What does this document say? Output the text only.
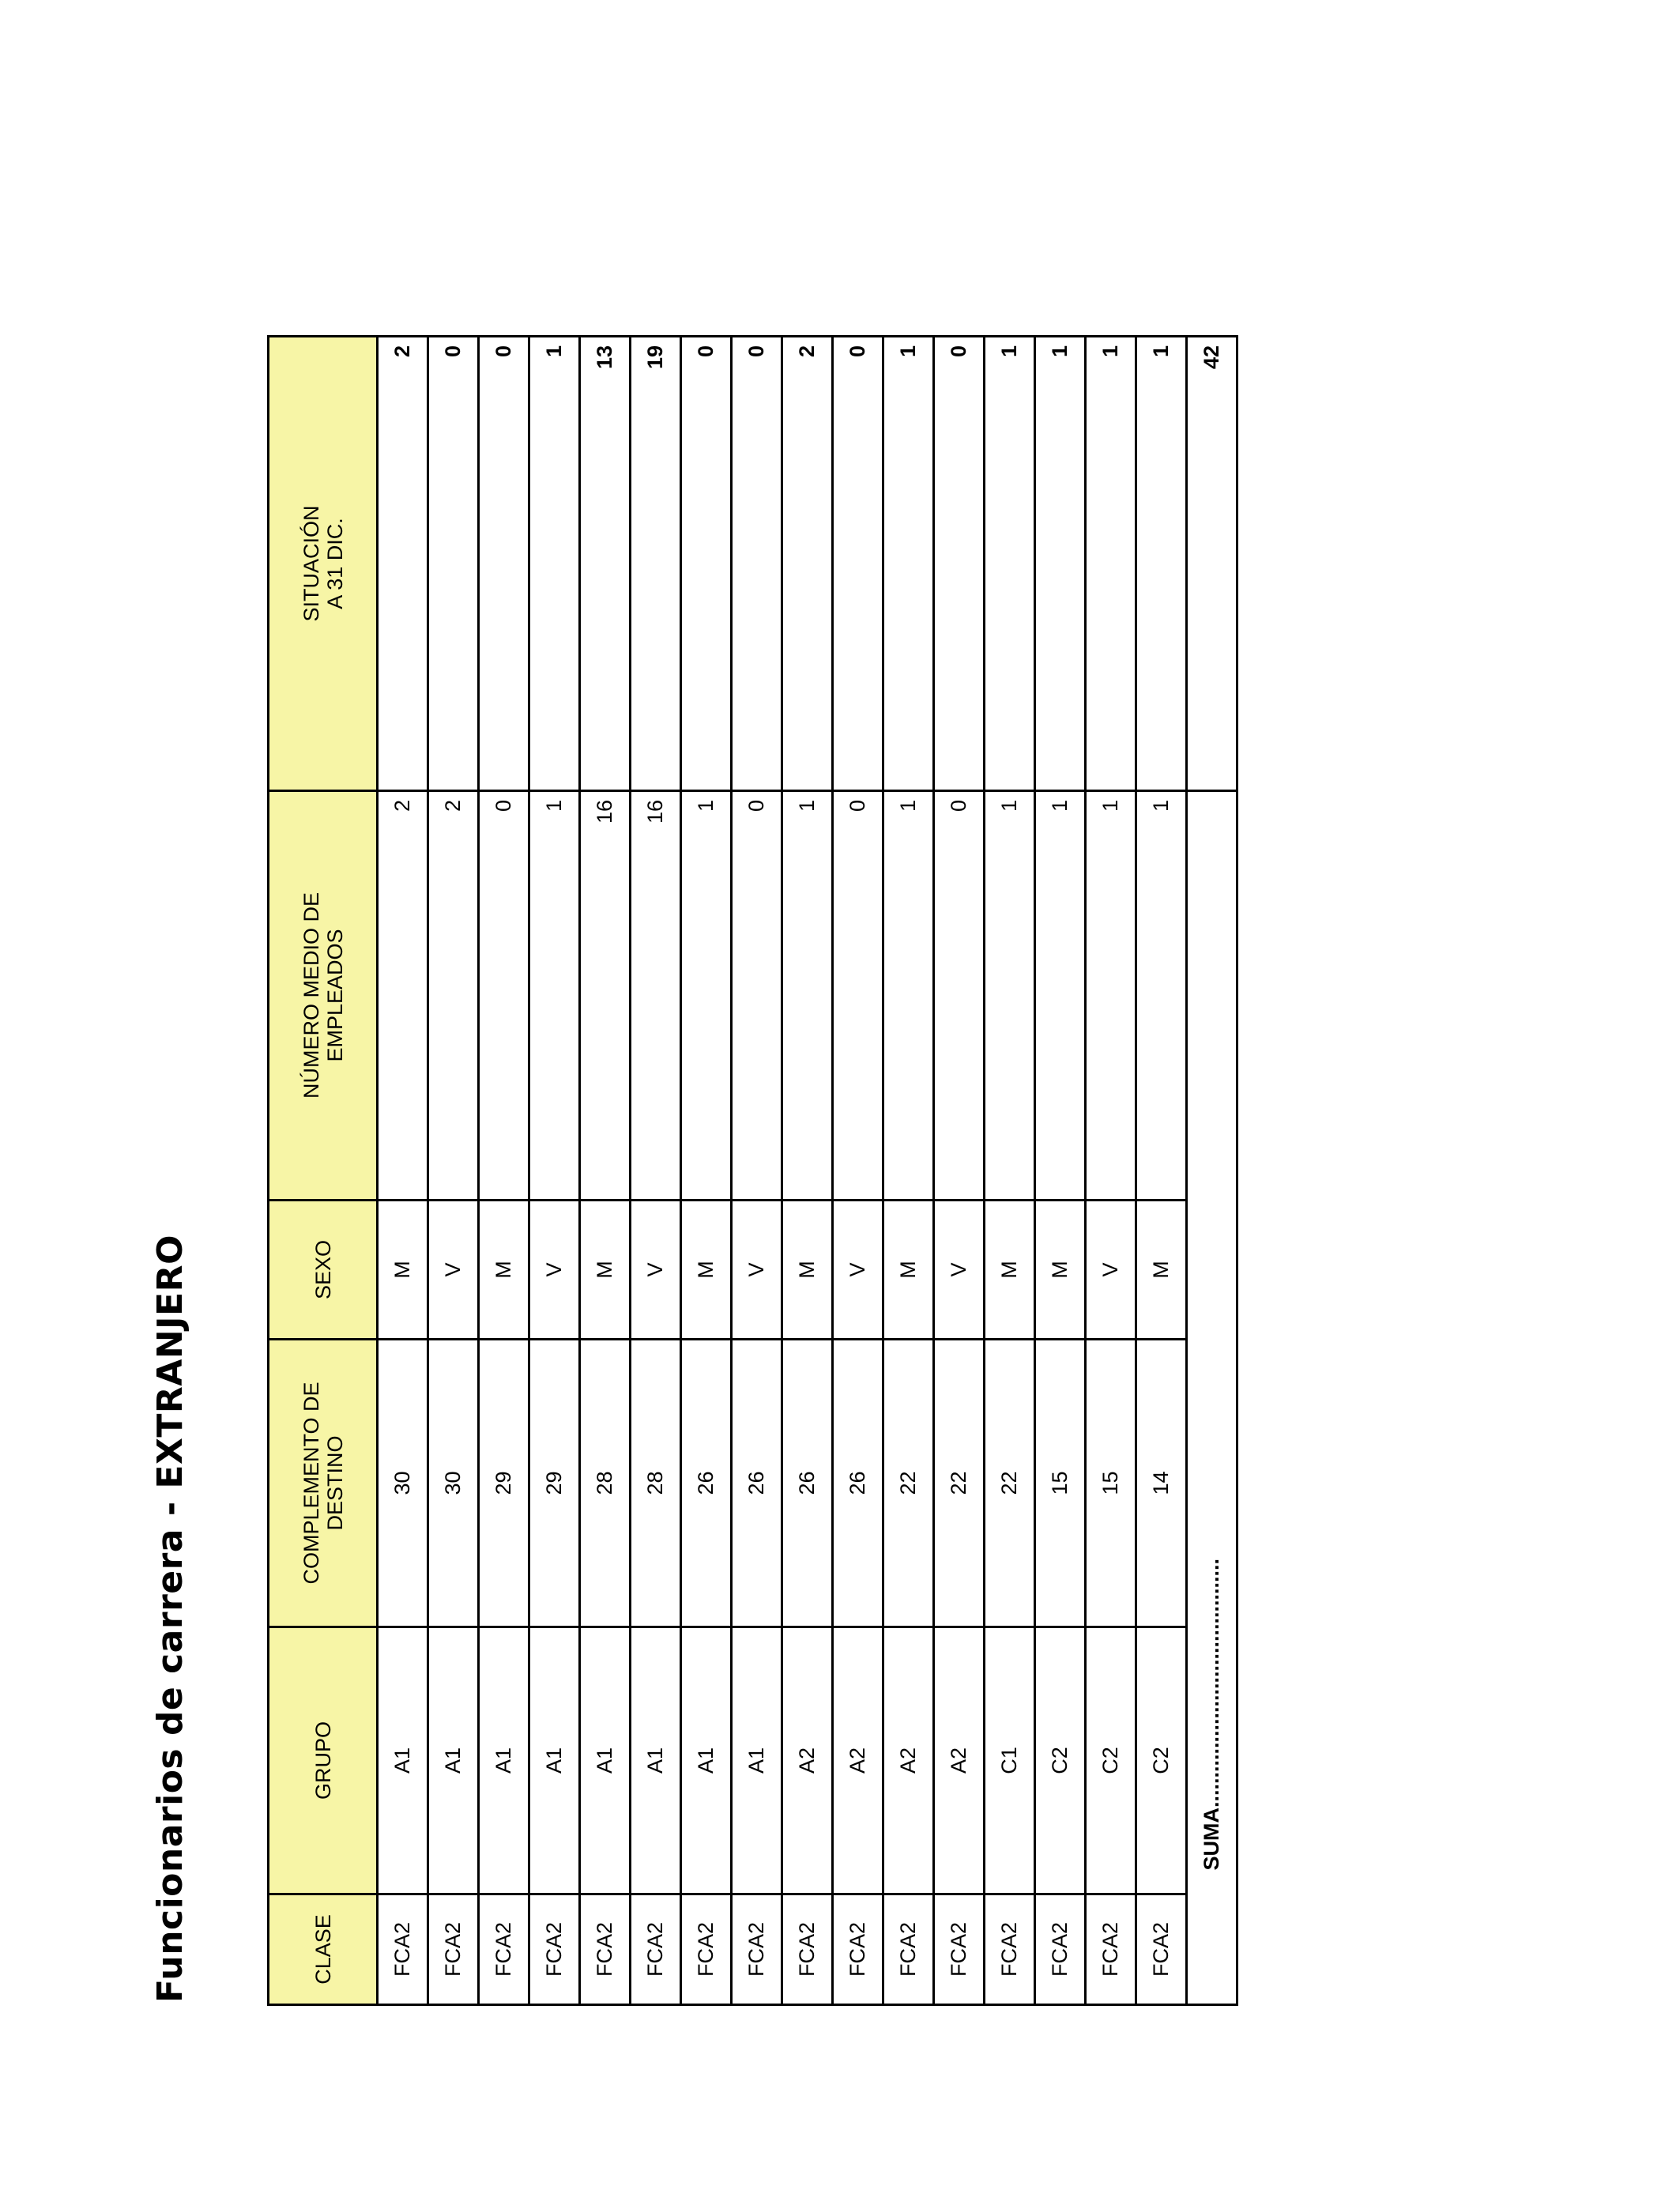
Funcionarios de carrera - EXTRANJERO	CLASE	GRUPO	COMPLEMENTO DE
DESTINO	SEXO	NÚMERO MEDIO DE
EMPLEADOS	SITUACIÓN
A 31 DIC.
FCA2	A1	30	M	2	2
FCA2	A1	30	V	2	0
FCA2	A1	29	M	0	0
FCA2	A1	29	V	1	1
FCA2	A1	28	M	16	13
FCA2	A1	28	V	16	19
FCA2	A1	26	M	1	0
FCA2	A1	26	V	0	0
FCA2	A2	26	M	1	2
FCA2	A2	26	V	0	0
FCA2	A2	22	M	1	1
FCA2	A2	22	V	0	0
FCA2	C1	22	M	1	1
FCA2	C2	15	M	1	1
FCA2	C2	15	V	1	1
FCA2	C2	14	M	1	1
	SUMA..........................................				42
